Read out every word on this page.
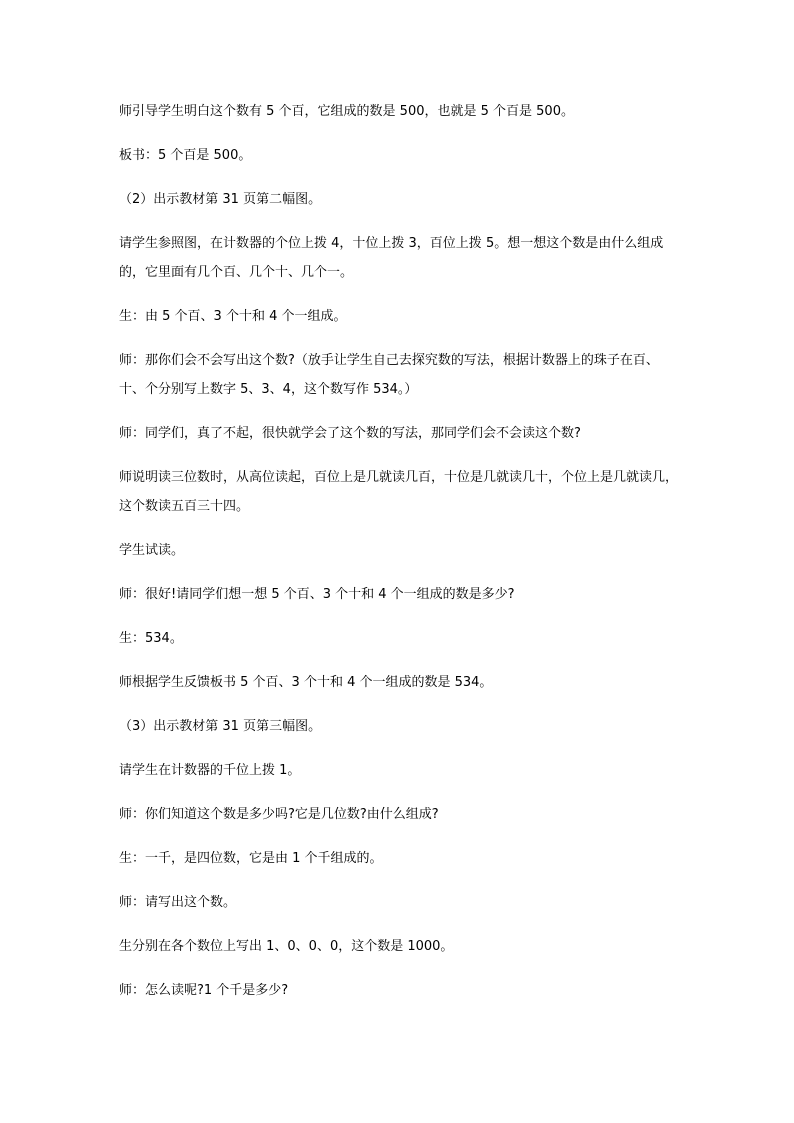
师引导学生明白这个数有 5 个百，它组成的数是 500，也就是 5 个百是 500。

板书：5 个百是 500。

（2）出示教材第 31 页第二幅图。

请学生参照图，在计数器的个位上拨 4，十位上拨 3，百位上拨 5。想一想这个数是由什么组成的，它里面有几个百、几个十、几个一。

生：由 5 个百、3 个十和 4 个一组成。

师：那你们会不会写出这个数?（放手让学生自己去探究数的写法，根据计数器上的珠子在百、十、个分别写上数字 5、3、4，这个数写作 534。）

师：同学们，真了不起，很快就学会了这个数的写法，那同学们会不会读这个数?

师说明读三位数时，从高位读起，百位上是几就读几百，十位是几就读几十，个位上是几就读几，这个数读五百三十四。

学生试读。

师：很好!请同学们想一想 5 个百、3 个十和 4 个一组成的数是多少?

生：534。

师根据学生反馈板书 5 个百、3 个十和 4 个一组成的数是 534。

（3）出示教材第 31 页第三幅图。

请学生在计数器的千位上拨 1。

师：你们知道这个数是多少吗?它是几位数?由什么组成?

生：一千，是四位数，它是由 1 个千组成的。

师：请写出这个数。

生分别在各个数位上写出 1、0、0、0，这个数是 1000。

师：怎么读呢?1 个千是多少?
